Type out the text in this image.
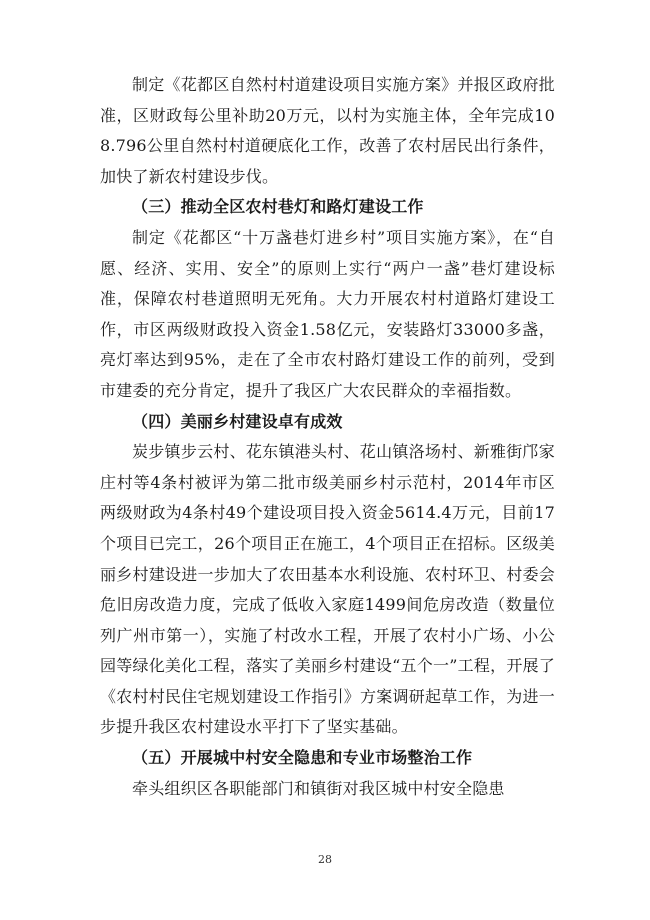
制定《花都区自然村村道建设项目实施方案》并报区政府批准，区财政每公里补助20万元，以村为实施主体，全年完成108.796公里自然村村道硬底化工作，改善了农村居民出行条件，加快了新农村建设步伐。

（三）推动全区农村巷灯和路灯建设工作

制定《花都区“十万盏巷灯进乡村”项目实施方案》，在“自愿、经济、实用、安全”的原则上实行“两户一盏”巷灯建设标准，保障农村巷道照明无死角。大力开展农村村道路灯建设工作，市区两级财政投入资金1.58亿元，安装路灯33000多盏，亮灯率达到95%，走在了全市农村路灯建设工作的前列，受到市建委的充分肯定，提升了我区广大农民群众的幸福指数。

（四）美丽乡村建设卓有成效

炭步镇步云村、花东镇港头村、花山镇洛场村、新雅街邝家庄村等4条村被评为第二批市级美丽乡村示范村，2014年市区两级财政为4条村49个建设项目投入资金5614.4万元，目前17个项目已完工，26个项目正在施工，4个项目正在招标。区级美丽乡村建设进一步加大了农田基本水利设施、农村环卫、村委会危旧房改造力度，完成了低收入家庭1499间危房改造（数量位列广州市第一），实施了村改水工程，开展了农村小广场、小公园等绿化美化工程，落实了美丽乡村建设“五个一”工程，开展了《农村村民住宅规划建设工作指引》方案调研起草工作，为进一步提升我区农村建设水平打下了坚实基础。

（五）开展城中村安全隐患和专业市场整治工作

牵头组织区各职能部门和镇街对我区城中村安全隐患

28
